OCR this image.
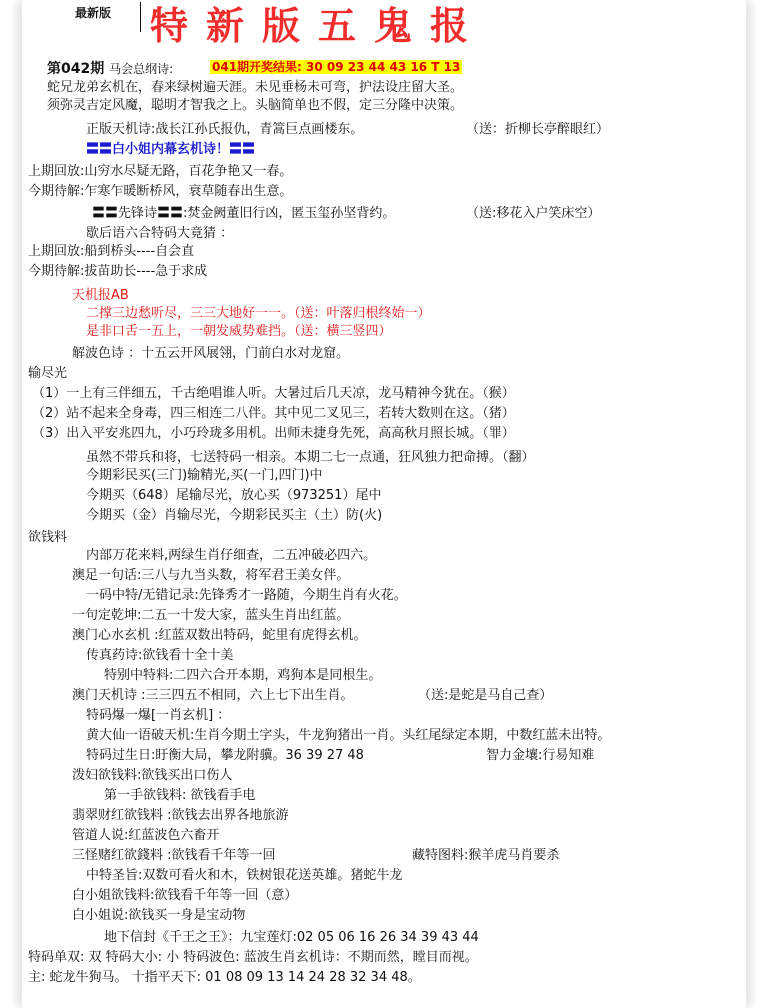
最新版 特新版五鬼报
第042期 马会总纲诗:	041期开奖结果: 30 09 23 44 43 16 T 13
蛇兄龙弟玄机在，春来绿树遍天涯。未见垂杨未可弯，护法设庄留大圣。
须弥灵吉定风魔，聪明才智我之上。头脑简单也不假，定三分隆中决策。
正版天机诗:战长江孙氏报仇，青篙巨点画楼东。	（送：折柳长亭醉眼红）
〓〓白小姐内幕玄机诗！〓〓
上期回放:山穷水尽疑无路，百花争艳又一春。
今期待解:乍寒乍暖断桥风，衰草随春出生意。
〓〓先锋诗〓〓:焚金阙董旧行凶，匿玉玺孙坚背约。	（送:移花入户笑床空）
歇后语六合特码大竟猜 ：
上期回放:船到桥头----自会直
今期待解:拔苗助长----急于求成
天机报AB
二撑三边愁听尽，三三大地好一一。（送：叶落归根终始一）
是非口舌一五上，一朝发威势难挡。（送：横三竖四）
解波色诗 ：十五云开风展翎，门前白水对龙窟。
输尽光
（1）一上有三伴细五，千古绝唱谁人听。大暑过后几天凉，龙马精神今犹在。（猴）
（2）站不起来全身毒，四三相连二八伴。其中见二叉见三，若转大数则在这。（猪）
（3）出入平安兆四九，小巧玲珑多用机。出师未捷身先死，高高秋月照长城。（罪）
虽然不带兵和将，七送特码一相亲。本期二七一点通，狂风独力把命搏。（翻）
今期彩民买(三门)输精光,买(一门,四门)中
今期买（648）尾输尽光，放心买（973251）尾中
今期买（金）肖输尽光，今期彩民买主（土）防(火)
欲钱料
内部万花来料,两绿生肖仔细查，二五冲破必四六。
澳足一句话:三八与九当头数，将军君王美女伴。
一码中特/无错记录:先锋秀才一路随，今期生肖有火花。
一句定乾坤:二五一十发大家，蓝头生肖出红蓝。
澳门心水玄机 :红蓝双数出特码，蛇里有虎得玄机。
传真药诗:欲钱看十全十美
特别中特料:二四六合开本期，鸡狗本是同根生。
澳门天机诗 :三三四五不相同，六上七下出生肖。	（送:是蛇是马自己查）
特码爆一爆[一肖玄机] ：
黄大仙一语破天机:生肖今期土字头，牛龙狗猪出一肖。头红尾绿定本期，中数红蓝未出特。
特码过生日:盱衡大局，攀龙附骥。36 39 27 48	智力金壤:行易知难
泼妇欲钱料:欲钱买出口伤人
第一手欲钱料: 欲钱看手电
翡翠财红欲钱料 :欲钱去出界各地旅游
管道人说:红蓝波色六畜开
三怪赌红欲錢料 :欲钱看千年等一回	藏特图料:猴羊虎马肖要杀
中特圣旨:双数可看火和木，铁树银花送英雄。猪蛇牛龙
白小姐欲钱料:欲钱看千年等一回（意）
白小姐说:欲钱买一身是宝动物
地下信封《千王之王》：九宝莲灯:02 05 06 16 26 34 39 43 44
特码单双: 双 特码大小: 小 特码波色: 蓝波生肖玄机诗：不期而然，瞠目而视。
主: 蛇龙牛狗马。 十指平天下: 01 08 09 13 14 24 28 32 34 48。
